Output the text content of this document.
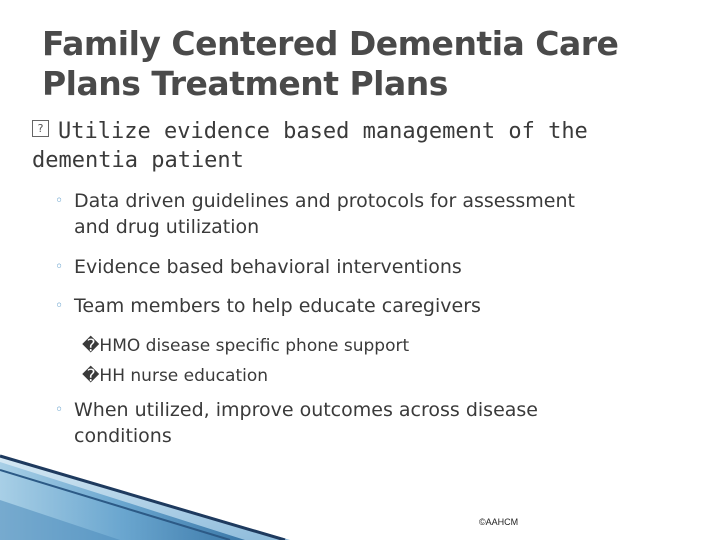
Family Centered Dementia Care
Plans Treatment Plans
? Utilize evidence based management of the
dementia patient
◦ Data driven guidelines and protocols for assessment
and drug utilization
◦ Evidence based behavioral interventions
◦ Team members to help educate caregivers
�HMO disease specific phone support
�HH nurse education
◦ When utilized, improve outcomes across disease
conditions
©AAHCM
